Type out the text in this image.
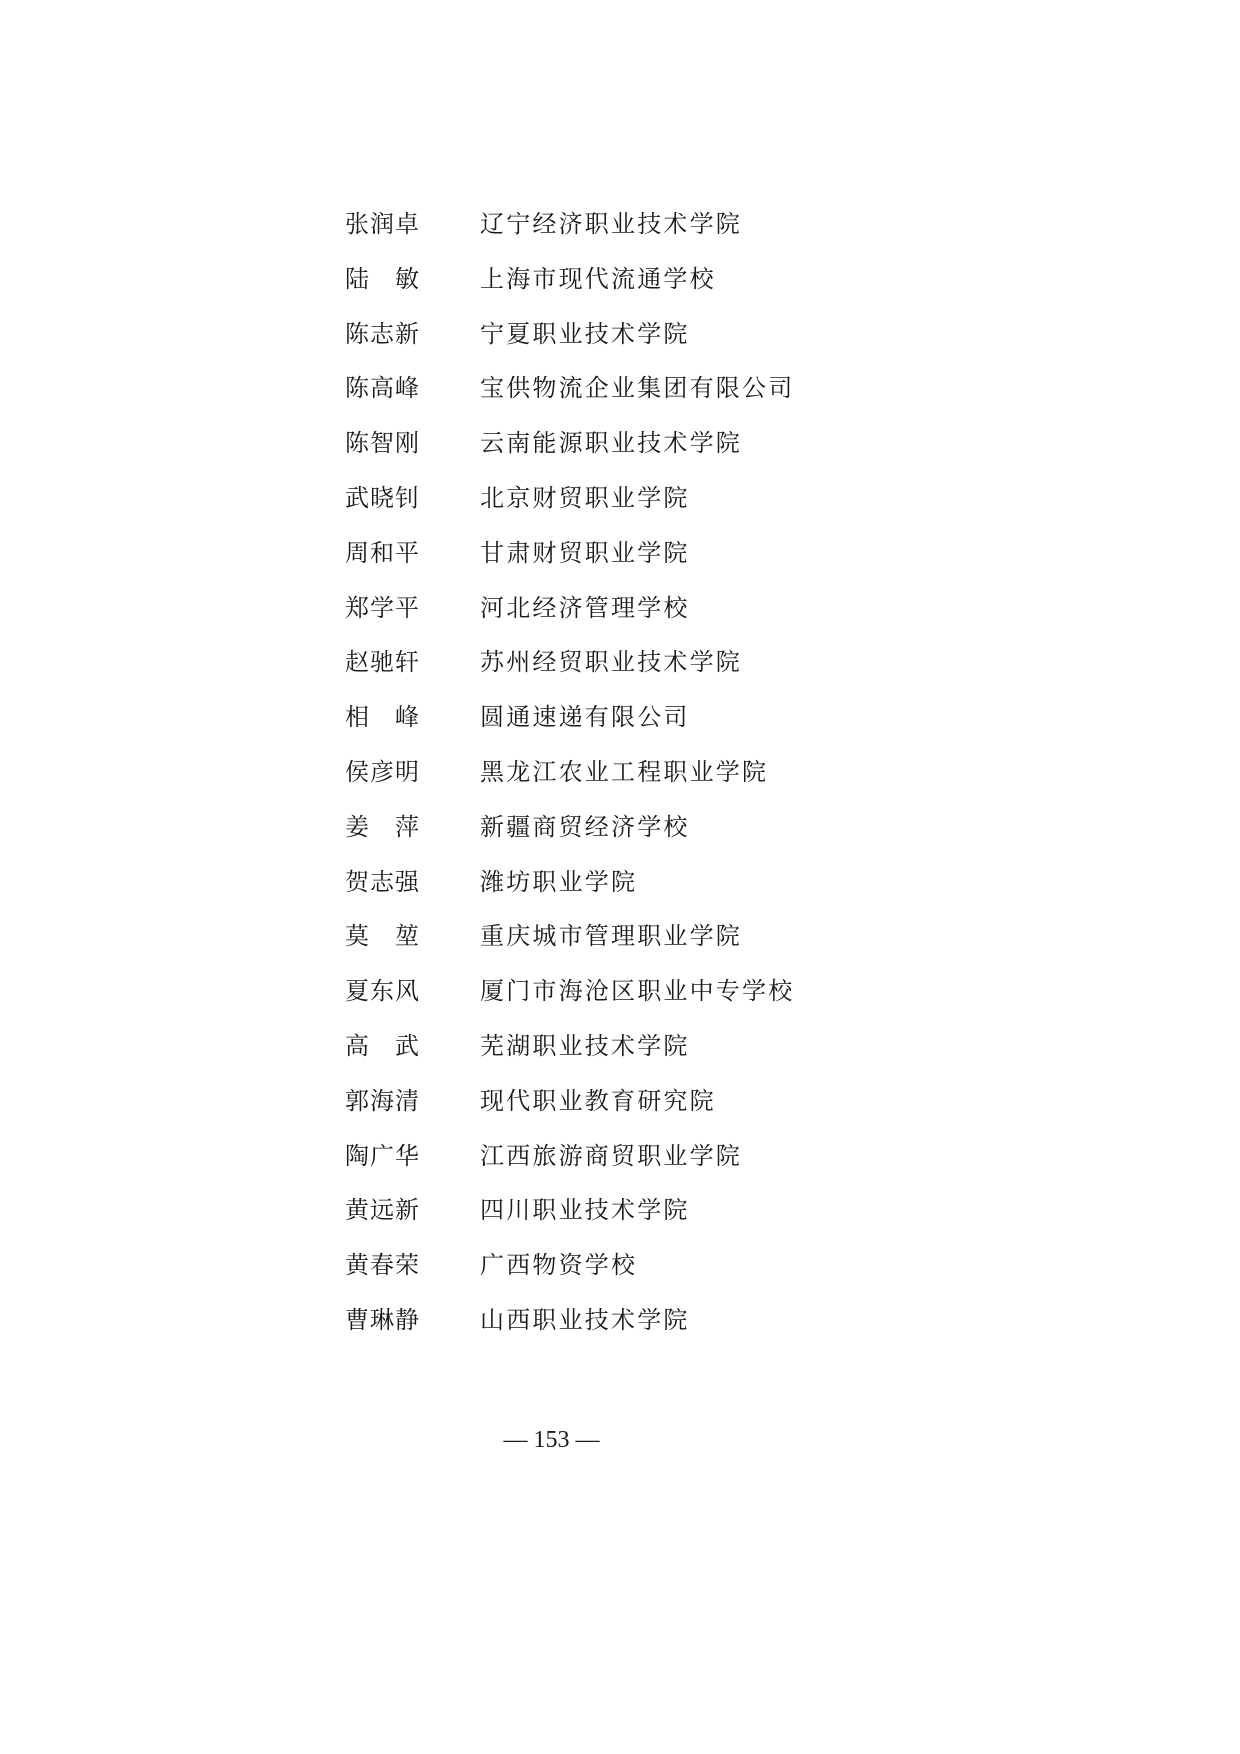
张润卓	辽宁经济职业技术学院
陆　敏	上海市现代流通学校
陈志新	宁夏职业技术学院
陈高峰	宝供物流企业集团有限公司
陈智刚	云南能源职业技术学院
武晓钊	北京财贸职业学院
周和平	甘肃财贸职业学院
郑学平	河北经济管理学校
赵驰轩	苏州经贸职业技术学院
相　峰	圆通速递有限公司
侯彦明	黑龙江农业工程职业学院
姜　萍	新疆商贸经济学校
贺志强	潍坊职业学院
莫　堃	重庆城市管理职业学院
夏东风	厦门市海沧区职业中专学校
高　武	芜湖职业技术学院
郭海清	现代职业教育研究院
陶广华	江西旅游商贸职业学院
黄远新	四川职业技术学院
黄春荣	广西物资学校
曹琳静	山西职业技术学院
— 153 —
